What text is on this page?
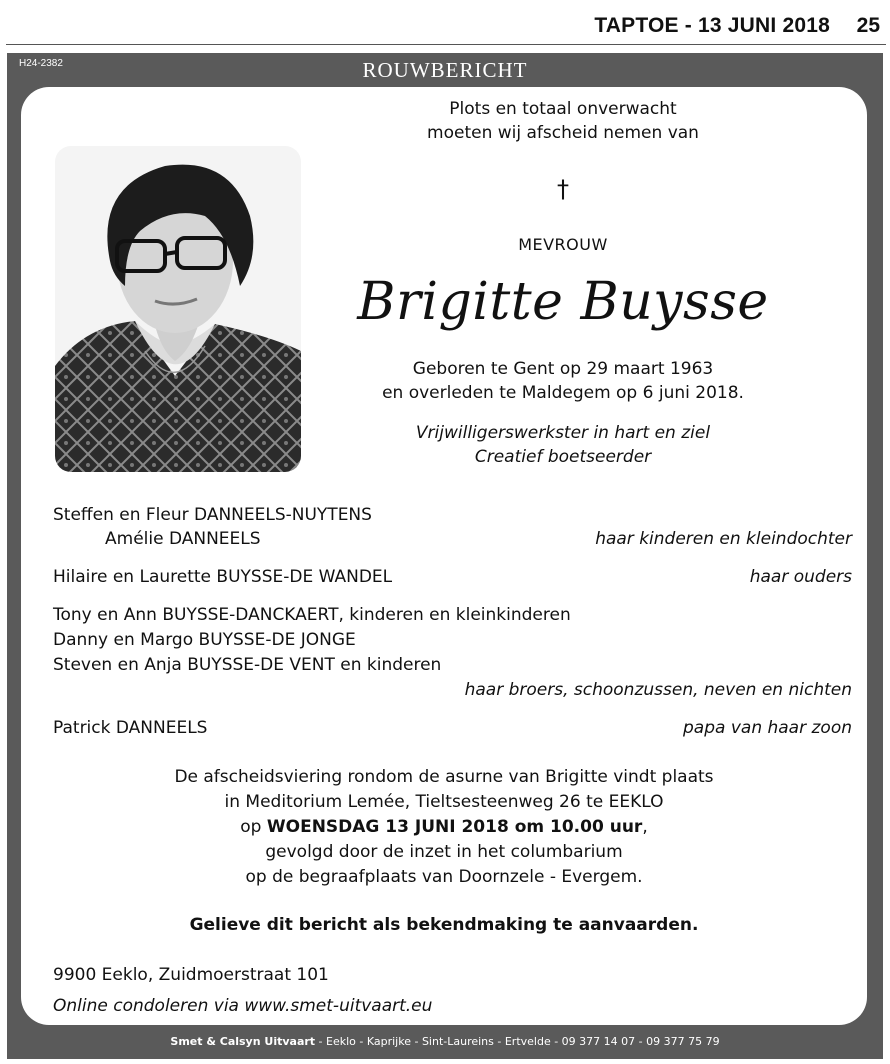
TAPTOE - 13 JUNI 2018 25
H24-2382	ROUWBERICHT
Plots en totaal onverwacht
moeten wij afscheid nemen van
†
MEVROUW
Brigitte Buysse
Geboren te Gent op 29 maart 1963
en overleden te Maldegem op 6 juni 2018.
Vrijwilligerswerkster in hart en ziel
Creatief boetseerder
Steffen en Fleur DANNEELS-NUYTENS
Amélie DANNEELS	haar kinderen en kleindochter
Hilaire en Laurette BUYSSE-DE WANDEL	haar ouders
Tony en Ann BUYSSE-DANCKAERT, kinderen en kleinkinderen
Danny en Margo BUYSSE-DE JONGE
Steven en Anja BUYSSE-DE VENT en kinderen
haar broers, schoonzussen, neven en nichten
Patrick DANNEELS	papa van haar zoon
De afscheidsviering rondom de asurne van Brigitte vindt plaats
in Meditorium Lemée, Tieltsesteenweg 26 te EEKLO
op WOENSDAG 13 JUNI 2018 om 10.00 uur,
gevolgd door de inzet in het columbarium
op de begraafplaats van Doornzele - Evergem.
Gelieve dit bericht als bekendmaking te aanvaarden.
9900 Eeklo, Zuidmoerstraat 101
Online condoleren via www.smet-uitvaart.eu
Smet & Calsyn Uitvaart - Eeklo - Kaprijke - Sint-Laureins - Ertvelde - 09 377 14 07 - 09 377 75 79
